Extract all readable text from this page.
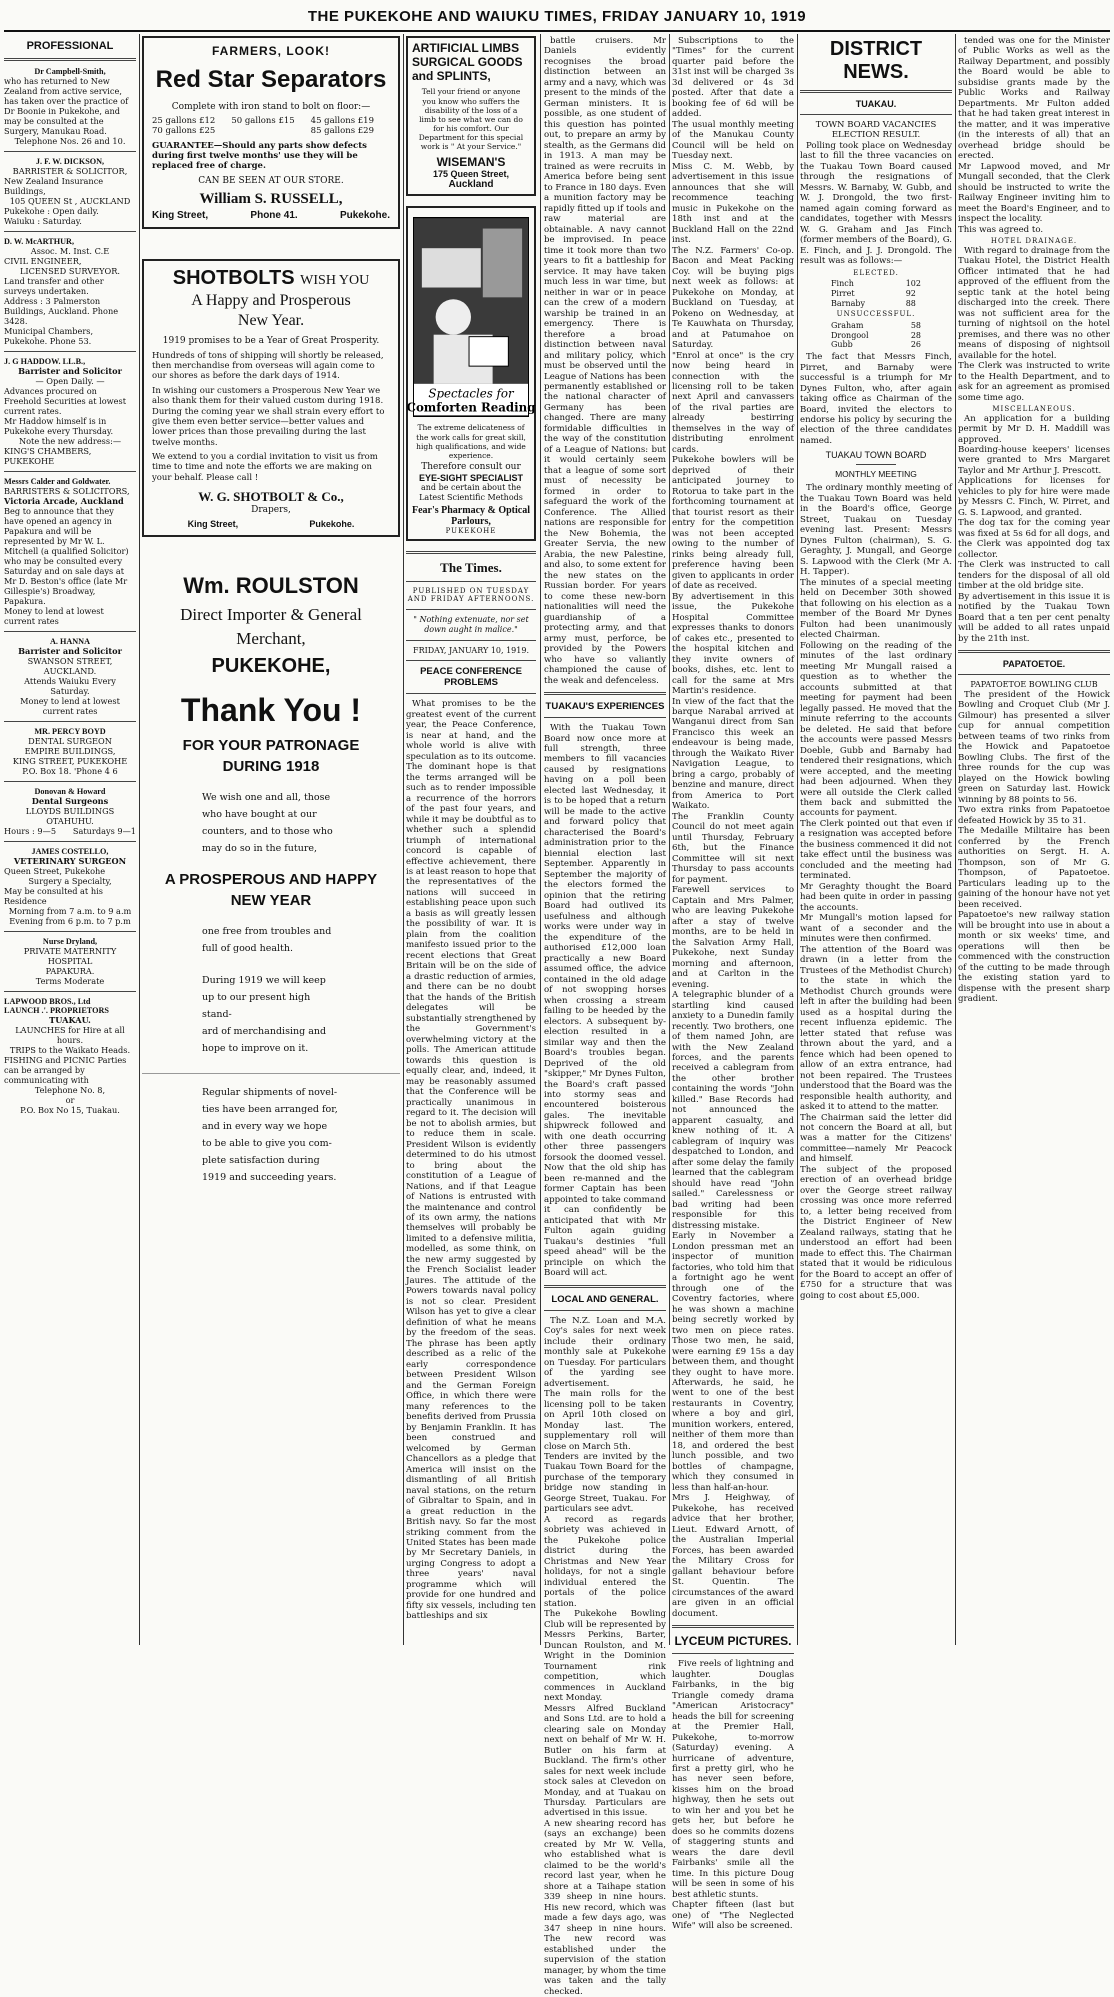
THE PUKEKOHE AND WAIUKU TIMES, FRIDAY JANUARY 10, 1919
PROFESSIONAL
Dr Campbell-Smith,
who has returned to New Zealand from active service, has taken over the practice of Dr Boonie in Pukekohe, and may be consulted at the Surgery, Manukau Road.
Telephone Nos. 26 and 10.
J. F. W. DICKSON,
BARRISTER & SOLICITOR,
New Zealand Insurance Buildings,
105 QUEEN St , AUCKLAND
Pukekohe : Open daily.
Waiuku : Saturday.
D. W. McARTHUR,
Assoc. M. Inst. C.E
CIVIL ENGINEER,
LICENSED SURVEYOR.
Land transfer and other surveys undertaken.
Address : 3 Palmerston Buildings, Auckland. Phone 3428.
Municipal Chambers, Pukekohe. Phone 53.
J. G HADDOW. LL.B.,
Barrister and Solicitor
— Open Daily. —
Advances procured on Freehold Securities at lowest current rates.
Mr Haddow himself is in Pukekohe every Thursday.
Note the new address:—
KING'S CHAMBERS, PUKEKOHE
Messrs Calder and Goldwater.
BARRISTERS & SOLICITORS,
Victoria Arcade, Auckland
Beg to announce that they have opened an agency in Papakura and will be represented by Mr W. L. Mitchell (a qualified Solicitor) who may be consulted every Saturday and on sale days at Mr D. Beston's office (late Mr Gillespie's) Broadway, Papakura.
Money to lend at lowest current rates
A. HANNA
Barrister and Solicitor
SWANSON STREET, AUCKLAND.
Attends Waiuku Every Saturday.
Money to lend at lowest current rates
MR. PERCY BOYD
DENTAL SURGEON
EMPIRE BUILDINGS,
KING STREET, PUKEKOHE
P.O. Box 18. 'Phone 4 6
Donovan & Howard
Dental Surgeons
LLOYDS BUILDINGS
OTAHUHU.
Hours : 9—5 Saturdays 9—1
JAMES COSTELLO,
VETERINARY SURGEON
Queen Street, Pukekohe
Surgery a Specialty,
May be consulted at his Residence
Morning from 7 a.m. to 9 a.m
Evening from 6 p.m. to 7 p.m
Nurse Dryland,
PRIVATE MATERNITY HOSPITAL
PAPAKURA.
Terms Moderate
LAPWOOD BROS., Ltd
LAUNCH .'. PROPRIETORS
TUAKAU.
LAUNCHES for Hire at all hours.
TRIPS to the Waikato Heads.
FISHING and PICNIC Parties can be arranged by communicating with
Telephone No. 8,
or
P.O. Box No 15, Tuakau.
FARMERS, LOOK!
Red Star Separators
Complete with iron stand to bolt on floor:—
25 gallons £12	50 gallons £15	45 gallons £19
70 gallons £25	85 gallons £29
GUARANTEE—Should any parts show defects during first twelve months' use they will be replaced free of charge.
CAN BE SEEN AT OUR STORE.
William S. RUSSELL,
King Street,	Phone 41.	Pukekohe.
SHOTBOLTS WISH YOU
A Happy and Prosperous
New Year.
1919 promises to be a Year of Great Prosperity.
Hundreds of tons of shipping will shortly be released, then merchandise from overseas will again come to our shores as before the dark days of 1914.
In wishing our customers a Prosperous New Year we also thank them for their valued custom during 1918. During the coming year we shall strain every effort to give them even better service—better values and lower prices than those prevailing during the last twelve months.
We extend to you a cordial invitation to visit us from time to time and note the efforts we are making on your behalf. Please call !
W. G. SHOTBOLT & Co.,
Drapers,
King Street,	Pukekohe.
Wm. ROULSTON
Direct Importer & General
Merchant,
PUKEKOHE,
Thank You !
FOR YOUR PATRONAGE
DURING 1918
We wish one and all, those
who have bought at our
counters, and to those who
may do so in the future,
A PROSPEROUS AND HAPPY
NEW YEAR
one free from troubles and
full of good health.
During 1919 we will keep
up to our present high stand-
ard of merchandising and
hope to improve on it.
Regular shipments of novel-
ties have been arranged for,
and in every way we hope
to be able to give you com-
plete satisfaction during
1919 and succeeding years.
ARTIFICIAL LIMBS SURGICAL GOODS and SPLINTS,
Tell your friend or anyone you know who suffers the disability of the loss of a limb to see what we can do for his comfort. Our Department for this special work is " At your Service."
WISEMAN'S
175 Queen Street,
Auckland
Spectacles for
Comforten Reading
The extreme delicateness of the work calls for great skill, high qualifications, and wide experience.
Therefore consult our
EYE-SIGHT SPECIALIST
and be certain about the
Latest Scientific Methods
Fear's Pharmacy & Optical
Parlours,
PUKEKOHE
The Times.
PUBLISHED ON TUESDAY AND FRIDAY AFTERNOONS.
" Nothing extenuate, nor set down aught in malice."
FRIDAY, JANUARY 10, 1919.
PEACE CONFERENCE PROBLEMS

What promises to be the greatest event of the current year, the Peace Conference, is near at hand, and the whole world is alive with speculation as to its outcome. The dominant hope is that the terms arranged will be such as to render impossible a recurrence of the horrors of the past four years, and while it may be doubtful as to whether such a splendid triumph of international concord is capable of effective achievement, there is at least reason to hope that the representatives of the nations will succeed in establishing peace upon such a basis as will greatly lessen the possibility of war. It is plain from the coalition manifesto issued prior to the recent elections that Great Britain will be on the side of a drastic reduction of armies, and there can be no doubt that the hands of the British delegates will be substantially strengthened by the Government's overwhelming victory at the polls. The American attitude towards this question is equally clear, and, indeed, it may be reasonably assumed that the Conference will be practically unanimous in regard to it. The decision will be not to abolish armies, but to reduce them in scale. President Wilson is evidently determined to do his utmost to bring about the constitution of a League of Nations, and if that League of Nations is entrusted with the maintenance and control of its own army, the nations themselves will probably be limited to a defensive militia, modelled, as some think, on the new army suggested by the French Socialist leader Jaures. The attitude of the Powers towards naval policy is not so clear. President Wilson has yet to give a clear definition of what he means by the freedom of the seas. The phrase has been aptly described as a relic of the early correspondence between President Wilson and the German Foreign Office, in which there were many references to the benefits derived from Prussia by Benjamin Franklin. It has been construed and welcomed by German Chancellors as a pledge that America will insist on the dismantling of all British naval stations, on the return of Gibraltar to Spain, and in a great reduction in the British navy. So far the most striking comment from the United States has been made by Mr Secretary Daniels, in urging Congress to adopt a three years' naval programme which will provide for one hundred and fifty six vessels, including ten battleships and six

battle cruisers. Mr Daniels evidently recognises the broad distinction between an army and a navy, which was present to the minds of the German ministers. It is possible, as one student of this question has pointed out, to prepare an army by stealth, as the Germans did in 1913. A man may be trained as were recruits in America before being sent to France in 180 days. Even a munition factory may be rapidly fitted up if tools and raw material are obtainable. A navy cannot be improvised. In peace time it took more than two years to fit a battleship for service. It may have taken much less in war time, but neither in war or in peace can the crew of a modern warship be trained in an emergency. There is therefore a broad distinction between naval and military policy, which must be observed until the League of Nations has been permanently established or the national character of Germany has been changed. There are many formidable difficulties in the way of the constitution of a League of Nations: but it would certainly seem that a league of some sort must of necessity be formed in order to safeguard the work of the Conference. The Allied nations are responsible for the New Bohemia, the Greater Servia, the new Arabia, the new Palestine, and also, to some extent for the new states on the Russian border. For years to come these new-born nationalities will need the guardianship of a protecting army, and that army must, perforce, be provided by the Powers who have so valiantly championed the cause of the weak and defenceless.

TUAKAU'S EXPERIENCES

With the Tuakau Town Board now once more at full strength, three members to fill vacancies caused by resignations having on a poll been elected last Wednesday, it is to be hoped that a return will be made to the active and forward policy that characterised the Board's administration prior to the biennial election last September. Apparently in September the majority of the electors formed the opinion that the retiring Board had outlived its usefulness and although works were under way in the expenditure of the authorised £12,000 loan practically a new Board assumed office, the advice contained in the old adage of not swopping horses when crossing a stream failing to be heeded by the electors. A subsequent by-election resulted in a similar way and then the Board's troubles began. Deprived of the old "skipper," Mr Dynes Fulton, the Board's craft passed into stormy seas and encountered boisterous gales. The inevitable shipwreck followed and with one death occurring other three passengers forsook the doomed vessel. Now that the old ship has been re-manned and the former Captain has been appointed to take command it can confidently be anticipated that with Mr Fulton again guiding Tuakau's destinies "full speed ahead" will be the principle on which the Board will act.

LOCAL AND GENERAL.

The N.Z. Loan and M.A. Coy's sales for next week include their ordinary monthly sale at Pukekohe on Tuesday. For particulars of the yarding see advertisement.
The main rolls for the licensing poll to be taken on April 10th closed on Monday last. The supplementary roll will close on March 5th.
Tenders are invited by the Tuakau Town Board for the purchase of the temporary bridge now standing in George Street, Tuakau. For particulars see advt.
A record as regards sobriety was achieved in the Pukekohe police district during the Christmas and New Year holidays, for not a single individual entered the portals of the police station.
The Pukekohe Bowling Club will be represented by Messrs Perkins, Barter, Duncan Roulston, and M. Wright in the Dominion Tournament rink competition, which commences in Auckland next Monday.
Messrs Alfred Buckland and Sons Ltd. are to hold a clearing sale on Monday next on behalf of Mr W. H. Butler on his farm at Buckland. The firm's other sales for next week include stock sales at Clevedon on Monday, and at Tuakau on Thursday. Particulars are advertised in this issue.
A new shearing record has (says an exchange) been created by Mr W. Vella, who established what is claimed to be the world's record last year, when he shore at a Taihape station 339 sheep in nine hours. His new record, which was made a few days ago, was 347 sheep in nine hours. The new record was established under the supervision of the station manager, by whom the time was taken and the tally checked.

Subscriptions to the "Times" for the current quarter paid before the 31st inst will be charged 3s 3d delivered or 4s 3d posted. After that date a booking fee of 6d will be added.
The usual monthly meeting of the Manukau County Council will be held on Tuesday next.
Miss C. M. Webb, by advertisement in this issue announces that she will recommence teaching music in Pukekohe on the 18th inst and at the Buckland Hall on the 22nd inst.
The N.Z. Farmers' Co-op. Bacon and Meat Packing Coy. will be buying pigs next week as follows: at Pukekohe on Monday, at Buckland on Tuesday, at Pokeno on Wednesday, at Te Kauwhata on Thursday, and at Patumahoe on Saturday.
"Enrol at once" is the cry now being heard in connection with the licensing roll to be taken next April and canvassers of the rival parties are already bestirring themselves in the way of distributing enrolment cards.
Pukekohe bowlers will be deprived of their anticipated journey to Rotorua to take part in the forthcoming tournament at that tourist resort as their entry for the competition was not been accepted owing to the number of rinks being already full, preference having been given to applicants in order of date as received.
By advertisement in this issue, the Pukekohe Hospital Committee expresses thanks to donors of cakes etc., presented to the hospital kitchen and they invite owners of books, dishes, etc. lent to call for the same at Mrs Martin's residence.
In view of the fact that the barque Narabal arrived at Wanganui direct from San Francisco this week an endeavour is being made, through the Waikato River Navigation League, to bring a cargo, probably of benzine and manure, direct from America to Port Waikato.
The Franklin County Council do not meet again until Thursday, February 6th, but the Finance Committee will sit next Thursday to pass accounts for payment.
Farewell services to Captain and Mrs Palmer, who are leaving Pukekohe after a stay of twelve months, are to be held in the Salvation Army Hall, Pukekohe, next Sunday morning and afternoon, and at Carlton in the evening.
A telegraphic blunder of a startling kind caused anxiety to a Dunedin family recently. Two brothers, one of them named John, are with the New Zealand forces, and the parents received a cablegram from the other brother containing the words "John killed." Base Records had not announced the apparent casualty, and knew nothing of it. A cablegram of inquiry was despatched to London, and after some delay the family learned that the cablegram should have read "John sailed." Carelessness or bad writing had been responsible for this distressing mistake.
Early in November a London pressman met an inspector of munition factories, who told him that a fortnight ago he went through one of the Coventry factories, where he was shown a machine being secretly worked by two men on piece rates. Those two men, he said, were earning £9 15s a day between them, and thought they ought to have more. Afterwards, he said, he went to one of the best restaurants in Coventry, where a boy and girl, munition workers, entered, neither of them more than 18, and ordered the best lunch possible, and two bottles of champagne, which they consumed in less than half-an-hour.
Mrs J. Heighway, of Pukekohe, has received advice that her brother, Lieut. Edward Arnott, of the Australian Imperial Forces, has been awarded the Military Cross for gallant behaviour before St. Quentin. The circumstances of the award are given in an official document.

LYCEUM PICTURES.

Five reels of lightning and laughter. Douglas Fairbanks, in the big Triangle comedy drama "American Aristocracy" heads the bill for screening at the Premier Hall, Pukekohe, to-morrow (Saturday) evening. A hurricane of adventure, first a pretty girl, who he has never seen before, kisses him on the broad highway, then he sets out to win her and you bet he gets her, but before he does so he commits dozens of staggering stunts and wears the dare devil Fairbanks' smile all the time. In this picture Doug will be seen in some of his best athletic stunts.
Chapter fifteen (last but one) of "The Neglected Wife" will also be screened.

DISTRICT NEWS.
TUAKAU.
TOWN BOARD VACANCIES ELECTION RESULT.

Polling took place on Wednesday last to fill the three vacancies on the Tuakau Town Board caused through the resignations of Messrs. W. Barnaby, W. Gubb, and W. J. Drongold, the two first-named again coming forward as candidates, together with Messrs W. G. Graham and Jas Finch (former members of the Board), G. E. Finch, and J. J. Drongold. The result was as follows:—

ELECTED.
Finch	102
Pirret	92
Barnaby	88
UNSUCCESSFUL.
Graham	58
Drongool	28
Gubb	26

The fact that Messrs Finch, Pirret, and Barnaby were successful is a triumph for Mr Dynes Fulton, who, after again taking office as Chairman of the Board, invited the electors to endorse his policy by securing the election of the three candidates named.

TUAKAU TOWN BOARD
MONTHLY MEETING

The ordinary monthly meeting of the Tuakau Town Board was held in the Board's office, George Street, Tuakau on Tuesday evening last. Present: Messrs Dynes Fulton (chairman), S. G. Geraghty, J. Mungall, and George S. Lapwood with the Clerk (Mr A. H. Tapper).
The minutes of a special meeting held on December 30th showed that following on his election as a member of the Board Mr Dynes Fulton had been unanimously elected Chairman.
Following on the reading of the minutes of the last ordinary meeting Mr Mungall raised a question as to whether the accounts submitted at that meeting for payment had been legally passed. He moved that the minute referring to the accounts be deleted. He said that before the accounts were passed Messrs Doeble, Gubb and Barnaby had tendered their resignations, which were accepted, and the meeting had been adjourned. When they were all outside the Clerk called them back and submitted the accounts for payment.
The Clerk pointed out that even if a resignation was accepted before the business commenced it did not take effect until the business was concluded and the meeting had terminated.
Mr Geraghty thought the Board had been quite in order in passing the accounts.
Mr Mungall's motion lapsed for want of a seconder and the minutes were then confirmed.
The attention of the Board was drawn (in a letter from the Trustees of the Methodist Church) to the state in which the Methodist Church grounds were left in after the building had been used as a hospital during the recent influenza epidemic. The letter stated that refuse was thrown about the yard, and a fence which had been opened to allow of an extra entrance, had not been repaired. The Trustees understood that the Board was the responsible health authority, and asked it to attend to the matter.
The Chairman said the letter did not concern the Board at all, but was a matter for the Citizens' committee—namely Mr Peacock and himself.
The subject of the proposed erection of an overhead bridge over the George street railway crossing was once more referred to, a letter being received from the District Engineer of New Zealand railways, stating that he understood an effort had been made to effect this. The Chairman stated that it would be ridiculous for the Board to accept an offer of £750 for a structure that was going to cost about £5,000.

tended was one for the Minister of Public Works as well as the Railway Department, and possibly the Board would be able to subsidise grants made by the Public Works and Railway Departments. Mr Fulton added that he had taken great interest in the matter, and it was imperative (in the interests of all) that an overhead bridge should be erected.
Mr Lapwood moved, and Mr Mungall seconded, that the Clerk should be instructed to write the Railway Engineer inviting him to meet the Board's Engineer, and to inspect the locality.
This was agreed to.

HOTEL DRAINAGE.

With regard to drainage from the Tuakau Hotel, the District Health Officer intimated that he had approved of the effluent from the septic tank at the hotel being discharged into the creek. There was not sufficient area for the turning of nightsoil on the hotel premises, and there was no other means of disposing of nightsoil available for the hotel.
The Clerk was instructed to write to the Health Department, and to ask for an agreement as promised some time ago.

MISCELLANEOUS.

An application for a building permit by Mr D. H. Maddill was approved.
Boarding-house keepers' licenses were granted to Mrs Margaret Taylor and Mr Arthur J. Prescott.
Applications for licenses for vehicles to ply for hire were made by Messrs C. Finch, W. Pirret, and G. S. Lapwood, and granted.
The dog tax for the coming year was fixed at 5s 6d for all dogs, and the Clerk was appointed dog tax collector.
The Clerk was instructed to call tenders for the disposal of all old timber at the old bridge site.
By advertisement in this issue it is notified by the Tuakau Town Board that a ten per cent penalty will be added to all rates unpaid by the 21th inst.

PAPATOETOE.
PAPATOETOE BOWLING CLUB

The president of the Howick Bowling and Croquet Club (Mr J. Gilmour) has presented a silver cup for annual competition between teams of two rinks from the Howick and Papatoetoe Bowling Clubs. The first of the three rounds for the cup was played on the Howick bowling green on Saturday last. Howick winning by 88 points to 56.
Two extra rinks from Papatoetoe defeated Howick by 35 to 31.
The Medaille Militaire has been conferred by the French authorities on Sergt. H. A. Thompson, son of Mr G. Thompson, of Papatoetoe. Particulars leading up to the gaining of the honour have not yet been received.
Papatoetoe's new railway station will be brought into use in about a month or six weeks' time, and operations will then be commenced with the construction of the cutting to be made through the existing station yard to dispense with the present sharp gradient.
